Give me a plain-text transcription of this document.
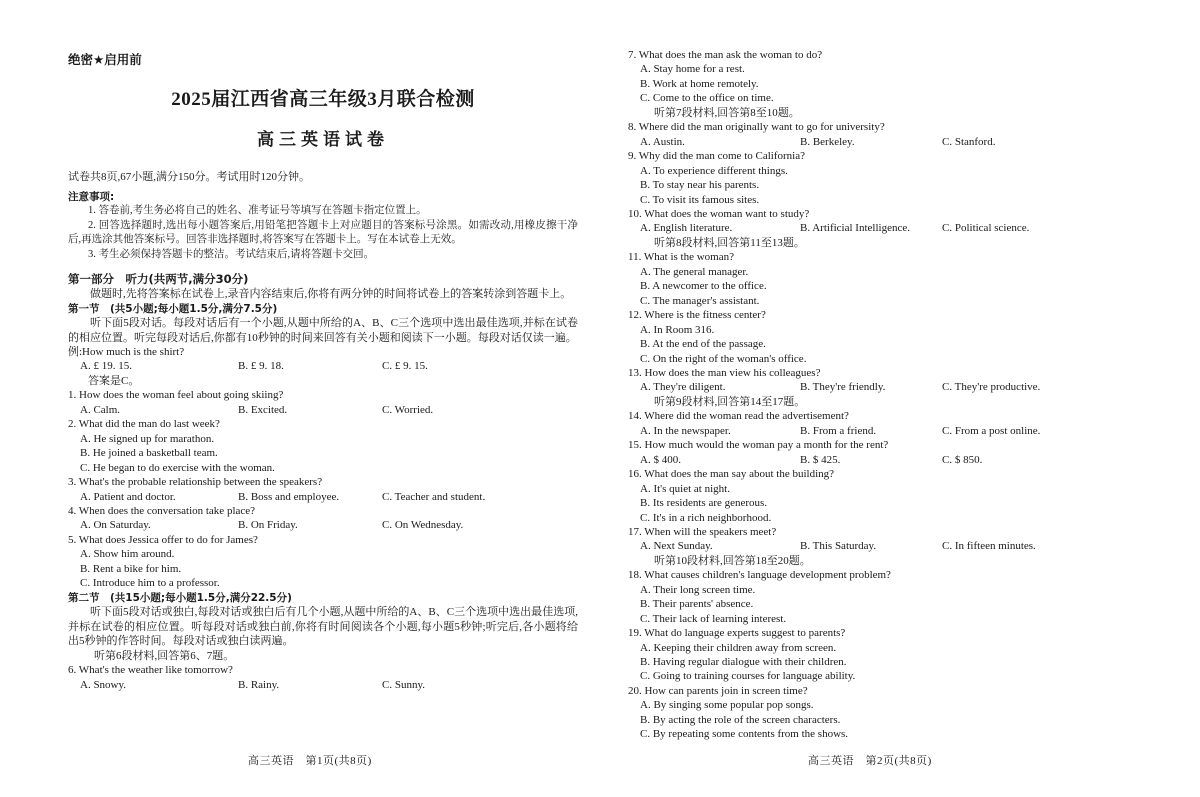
绝密★启用前
2025届江西省高三年级3月联合检测
高三英语试卷
试卷共8页,67小题,满分150分。考试用时120分钟。
注意事项:
1. 答卷前,考生务必将自己的姓名、准考证号等填写在答题卡指定位置上。
2. 回答选择题时,选出每小题答案后,用铅笔把答题卡上对应题目的答案标号涂黑。如需改动,用橡皮擦干净后,再选涂其他答案标号。回答非选择题时,将答案写在答题卡上。写在本试卷上无效。
3. 考生必须保持答题卡的整洁。考试结束后,请将答题卡交回。
第一部分　听力(共两节,满分30分)
做题时,先将答案标在试卷上,录音内容结束后,你将有两分钟的时间将试卷上的答案转涂到答题卡上。
第一节　(共5小题;每小题1.5分,满分7.5分)
听下面5段对话。每段对话后有一个小题,从题中所给的A、B、C三个选项中选出最佳选项,并标在试卷的相应位置。听完每段对话后,你都有10秒钟的时间来回答有关小题和阅读下一小题。每段对话仅读一遍。
例:How much is the shirt?
A. £ 19. 15.	B. £ 9. 18.	C. £ 9. 15.
答案是C。
1. How does the woman feel about going skiing?
A. Calm.	B. Excited.	C. Worried.
2. What did the man do last week?
A. He signed up for marathon.
B. He joined a basketball team.
C. He began to do exercise with the woman.
3. What's the probable relationship between the speakers?
A. Patient and doctor.	B. Boss and employee.	C. Teacher and student.
4. When does the conversation take place?
A. On Saturday.	B. On Friday.	C. On Wednesday.
5. What does Jessica offer to do for James?
A. Show him around.
B. Rent a bike for him.
C. Introduce him to a professor.
第二节　(共15小题;每小题1.5分,满分22.5分)
听下面5段对话或独白,每段对话或独白后有几个小题,从题中所给的A、B、C三个选项中选出最佳选项,并标在试卷的相应位置。听每段对话或独白前,你将有时间阅读各个小题,每小题5秒钟;听完后,各小题将给出5秒钟的作答时间。每段对话或独白读两遍。
听第6段材料,回答第6、7题。
6. What's the weather like tomorrow?
A. Snowy.	B. Rainy.	C. Sunny.
7. What does the man ask the woman to do?
A. Stay home for a rest.
B. Work at home remotely.
C. Come to the office on time.
听第7段材料,回答第8至10题。
8. Where did the man originally want to go for university?
A. Austin.	B. Berkeley.	C. Stanford.
9. Why did the man come to California?
A. To experience different things.
B. To stay near his parents.
C. To visit its famous sites.
10. What does the woman want to study?
A. English literature.	B. Artificial Intelligence.	C. Political science.
听第8段材料,回答第11至13题。
11. What is the woman?
A. The general manager.
B. A newcomer to the office.
C. The manager's assistant.
12. Where is the fitness center?
A. In Room 316.
B. At the end of the passage.
C. On the right of the woman's office.
13. How does the man view his colleagues?
A. They're diligent.	B. They're friendly.	C. They're productive.
听第9段材料,回答第14至17题。
14. Where did the woman read the advertisement?
A. In the newspaper.	B. From a friend.	C. From a post online.
15. How much would the woman pay a month for the rent?
A. $ 400.	B. $ 425.	C. $ 850.
16. What does the man say about the building?
A. It's quiet at night.
B. Its residents are generous.
C. It's in a rich neighborhood.
17. When will the speakers meet?
A. Next Sunday.	B. This Saturday.	C. In fifteen minutes.
听第10段材料,回答第18至20题。
18. What causes children's language development problem?
A. Their long screen time.
B. Their parents' absence.
C. Their lack of learning interest.
19. What do language experts suggest to parents?
A. Keeping their children away from screen.
B. Having regular dialogue with their children.
C. Going to training courses for language ability.
20. How can parents join in screen time?
A. By singing some popular pop songs.
B. By acting the role of the screen characters.
C. By repeating some contents from the shows.
高三英语　第1页(共8页)	高三英语　第2页(共8页)
